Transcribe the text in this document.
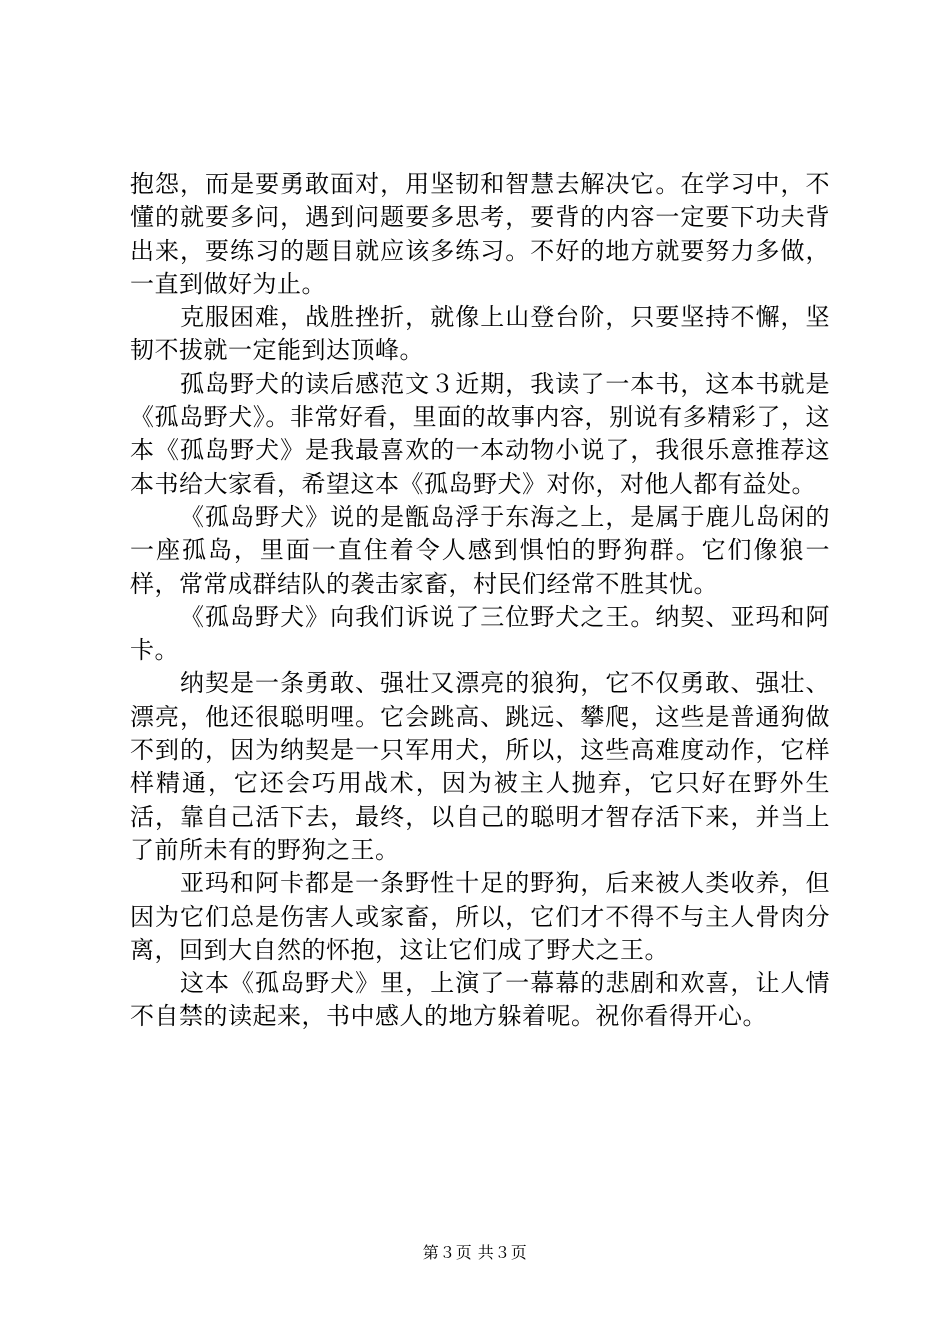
抱怨，而是要勇敢面对，用坚韧和智慧去解决它。在学习中，不懂的就要多问，遇到问题要多思考，要背的内容一定要下功夫背出来，要练习的题目就应该多练习。不好的地方就要努力多做，一直到做好为止。

克服困难，战胜挫折，就像上山登台阶，只要坚持不懈，坚韧不拔就一定能到达顶峰。

孤岛野犬的读后感范文３近期，我读了一本书，这本书就是《孤岛野犬》。非常好看，里面的故事内容，别说有多精彩了，这本《孤岛野犬》是我最喜欢的一本动物小说了，我很乐意推荐这本书给大家看，希望这本《孤岛野犬》对你，对他人都有益处。

《孤岛野犬》说的是甑岛浮于东海之上，是属于鹿儿岛闲的一座孤岛，里面一直住着令人感到惧怕的野狗群。它们像狼一样，常常成群结队的袭击家畜，村民们经常不胜其忧。

《孤岛野犬》向我们诉说了三位野犬之王。纳契、亚玛和阿卡。

纳契是一条勇敢、强壮又漂亮的狼狗，它不仅勇敢、强壮、漂亮，他还很聪明哩。它会跳高、跳远、攀爬，这些是普通狗做不到的，因为纳契是一只军用犬，所以，这些高难度动作，它样样精通，它还会巧用战术，因为被主人抛弃，它只好在野外生活，靠自己活下去，最终，以自己的聪明才智存活下来，并当上了前所未有的野狗之王。

亚玛和阿卡都是一条野性十足的野狗，后来被人类收养，但因为它们总是伤害人或家畜，所以，它们才不得不与主人骨肉分离，回到大自然的怀抱，这让它们成了野犬之王。

这本《孤岛野犬》里，上演了一幕幕的悲剧和欢喜，让人情不自禁的读起来，书中感人的地方躲着呢。祝你看得开心。

第３页 共３页
